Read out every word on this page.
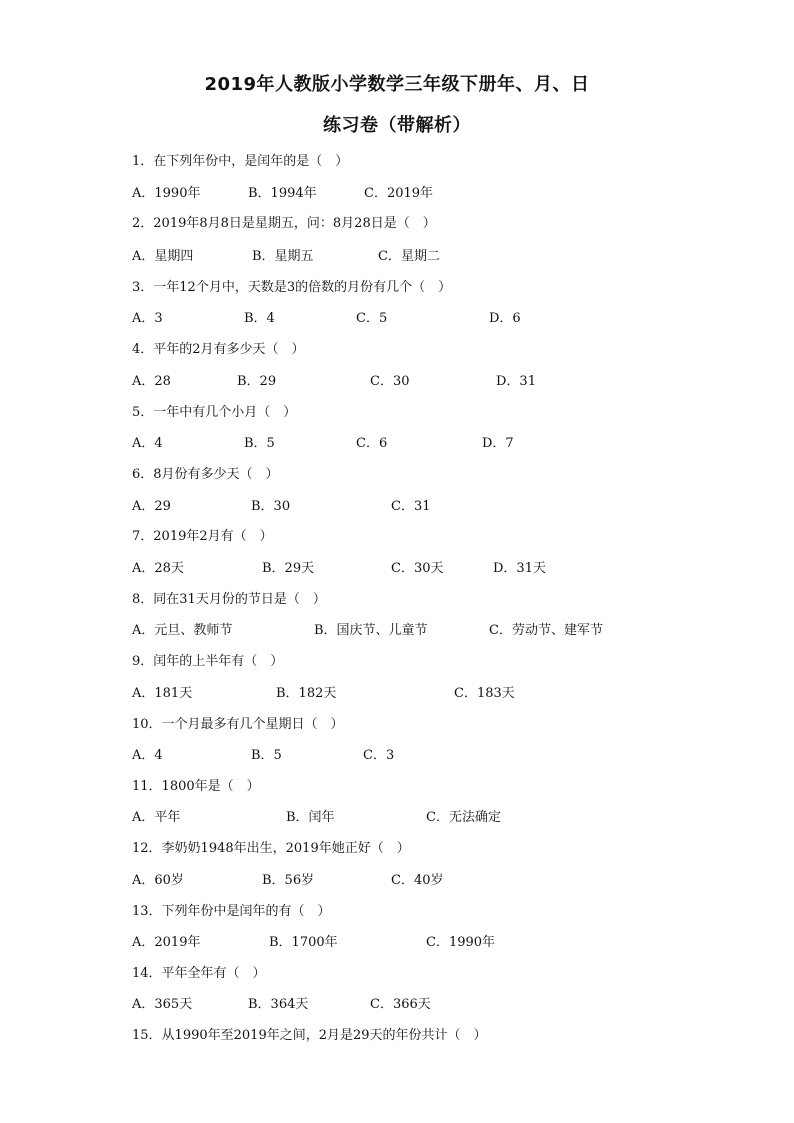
2019年人教版小学数学三年级下册年、月、日
练习卷（带解析）
1．在下列年份中，是闰年的是（　）
A．1990年	B．1994年	C．2019年
2．2019年8月8日是星期五，问：8月28日是（　）
A．星期四	B．星期五	C．星期二
3．一年12个月中，天数是3的倍数的月份有几个（　）
A．3	B．4	C．5	D．6
4．平年的2月有多少天（　）
A．28	B．29	C．30	D．31
5．一年中有几个小月（　）
A．4	B．5	C．6	D．7
6．8月份有多少天（　）
A．29	B．30	C．31
7．2019年2月有（　）
A．28天	B．29天	C．30天	D．31天
8．同在31天月份的节日是（　）
A．元旦、教师节	B．国庆节、儿童节	C．劳动节、建军节
9．闰年的上半年有（　）
A．181天	B．182天	C．183天
10．一个月最多有几个星期日（　）
A．4	B．5	C．3
11．1800年是（　）
A．平年	B．闰年	C．无法确定
12．李奶奶1948年出生，2019年她正好（　）
A．60岁	B．56岁	C．40岁
13．下列年份中是闰年的有（　）
A．2019年	B．1700年	C．1990年
14．平年全年有（　）
A．365天	B．364天	C．366天
15．从1990年至2019年之间，2月是29天的年份共计（　）
